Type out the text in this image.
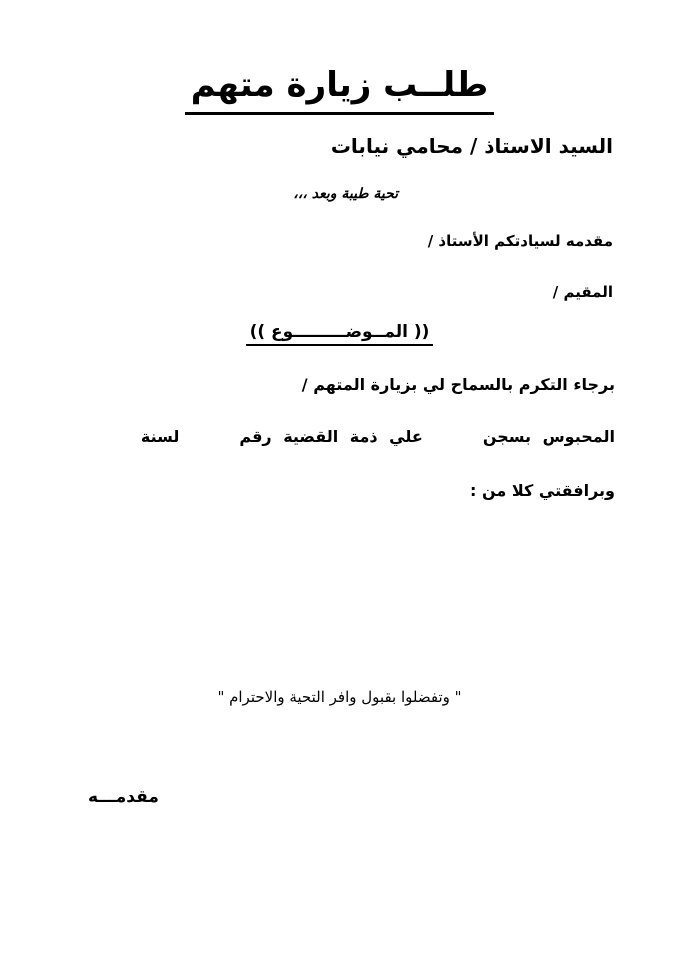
طلــب زيارة متهم
السيد الاستاذ / محامي نيابات
تحية طيبة وبعد ،،،
مقدمه لسيادتكم الأستاذ /
المقيم /
(( المــوضـــــــــوع ))
برجاء التكرم بالسماح لي بزيارة المتهم /
المحبوس بسجنعلي ذمة القضية رقملسنة
وبرافقتي كلا من :
" وتفضلوا بقبول وافر التحية والاحترام "
مقدمـــه
